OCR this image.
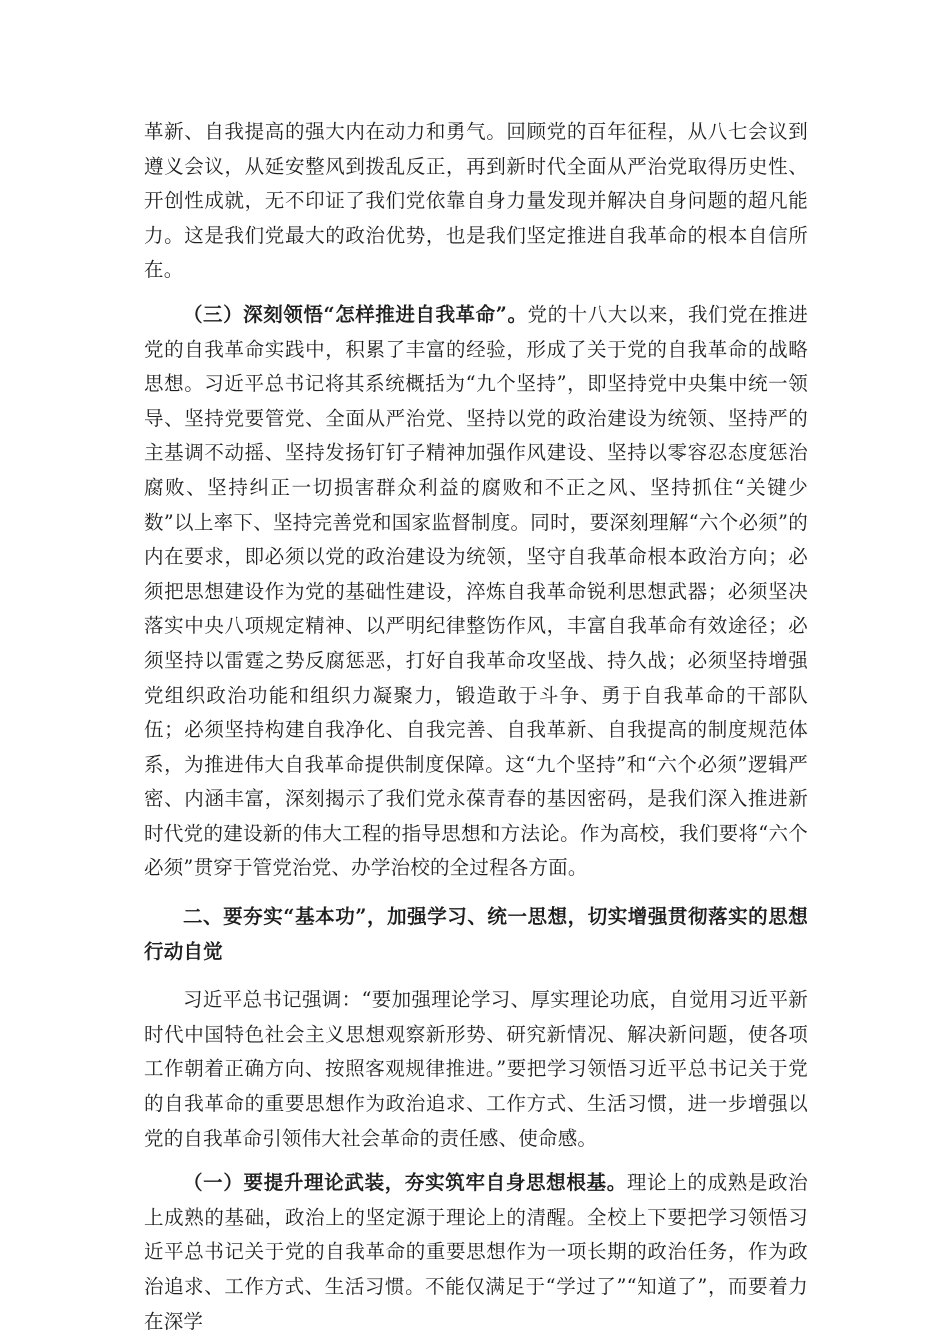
革新、自我提高的强大内在动力和勇气。回顾党的百年征程，从八七会议到遵义会议，从延安整风到拨乱反正，再到新时代全面从严治党取得历史性、开创性成就，无不印证了我们党依靠自身力量发现并解决自身问题的超凡能力。这是我们党最大的政治优势，也是我们坚定推进自我革命的根本自信所在。

（三）深刻领悟“怎样推进自我革命”。党的十八大以来，我们党在推进党的自我革命实践中，积累了丰富的经验，形成了关于党的自我革命的战略思想。习近平总书记将其系统概括为“九个坚持”，即坚持党中央集中统一领导、坚持党要管党、全面从严治党、坚持以党的政治建设为统领、坚持严的主基调不动摇、坚持发扬钉钉子精神加强作风建设、坚持以零容忍态度惩治腐败、坚持纠正一切损害群众利益的腐败和不正之风、坚持抓住“关键少数”以上率下、坚持完善党和国家监督制度。同时，要深刻理解“六个必须”的内在要求，即必须以党的政治建设为统领，坚守自我革命根本政治方向；必须把思想建设作为党的基础性建设，淬炼自我革命锐利思想武器；必须坚决落实中央八项规定精神、以严明纪律整饬作风，丰富自我革命有效途径；必须坚持以雷霆之势反腐惩恶，打好自我革命攻坚战、持久战；必须坚持增强党组织政治功能和组织力凝聚力，锻造敢于斗争、勇于自我革命的干部队伍；必须坚持构建自我净化、自我完善、自我革新、自我提高的制度规范体系，为推进伟大自我革命提供制度保障。这“九个坚持”和“六个必须”逻辑严密、内涵丰富，深刻揭示了我们党永葆青春的基因密码，是我们深入推进新时代党的建设新的伟大工程的指导思想和方法论。作为高校，我们要将“六个必须”贯穿于管党治党、办学治校的全过程各方面。

二、要夯实“基本功”，加强学习、统一思想，切实增强贯彻落实的思想行动自觉

习近平总书记强调：“要加强理论学习、厚实理论功底，自觉用习近平新时代中国特色社会主义思想观察新形势、研究新情况、解决新问题，使各项工作朝着正确方向、按照客观规律推进。”要把学习领悟习近平总书记关于党的自我革命的重要思想作为政治追求、工作方式、生活习惯，进一步增强以党的自我革命引领伟大社会革命的责任感、使命感。

（一）要提升理论武装，夯实筑牢自身思想根基。理论上的成熟是政治上成熟的基础，政治上的坚定源于理论上的清醒。全校上下要把学习领悟习近平总书记关于党的自我革命的重要思想作为一项长期的政治任务，作为政治追求、工作方式、生活习惯。不能仅满足于“学过了”“知道了”，而要着力在深学
